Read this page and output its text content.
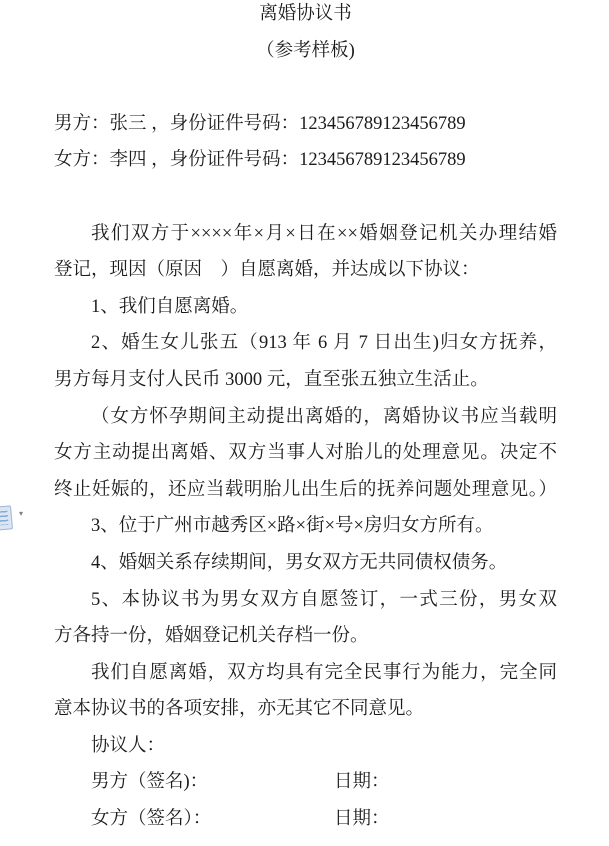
离婚协议书
（参考样板)
男方：张三 ，身份证件号码：123456789123456789
女方：李四 ，身份证件号码：123456789123456789
我们双方于××××年×月×日在××婚姻登记机关办理结婚
登记，现因（原因　）自愿离婚，并达成以下协议：
1、我们自愿离婚。
2、婚生女儿张五（913 年 6 月 7 日出生)归女方抚养，
男方每月支付人民币 3000 元，直至张五独立生活止。
（女方怀孕期间主动提出离婚的，离婚协议书应当载明
女方主动提出离婚、双方当事人对胎儿的处理意见。决定不
终止妊娠的，还应当载明胎儿出生后的抚养问题处理意见。）
3、位于广州市越秀区×路×街×号×房归女方所有。
4、婚姻关系存续期间，男女双方无共同债权债务。
5、本协议书为男女双方自愿签订，一式三份，男女双
方各持一份，婚姻登记机关存档一份。
我们自愿离婚，双方均具有完全民事行为能力，完全同
意本协议书的各项安排，亦无其它不同意见。
协议人：
男方（签名)：	日期：
女方（签名）：	日期：
▾
